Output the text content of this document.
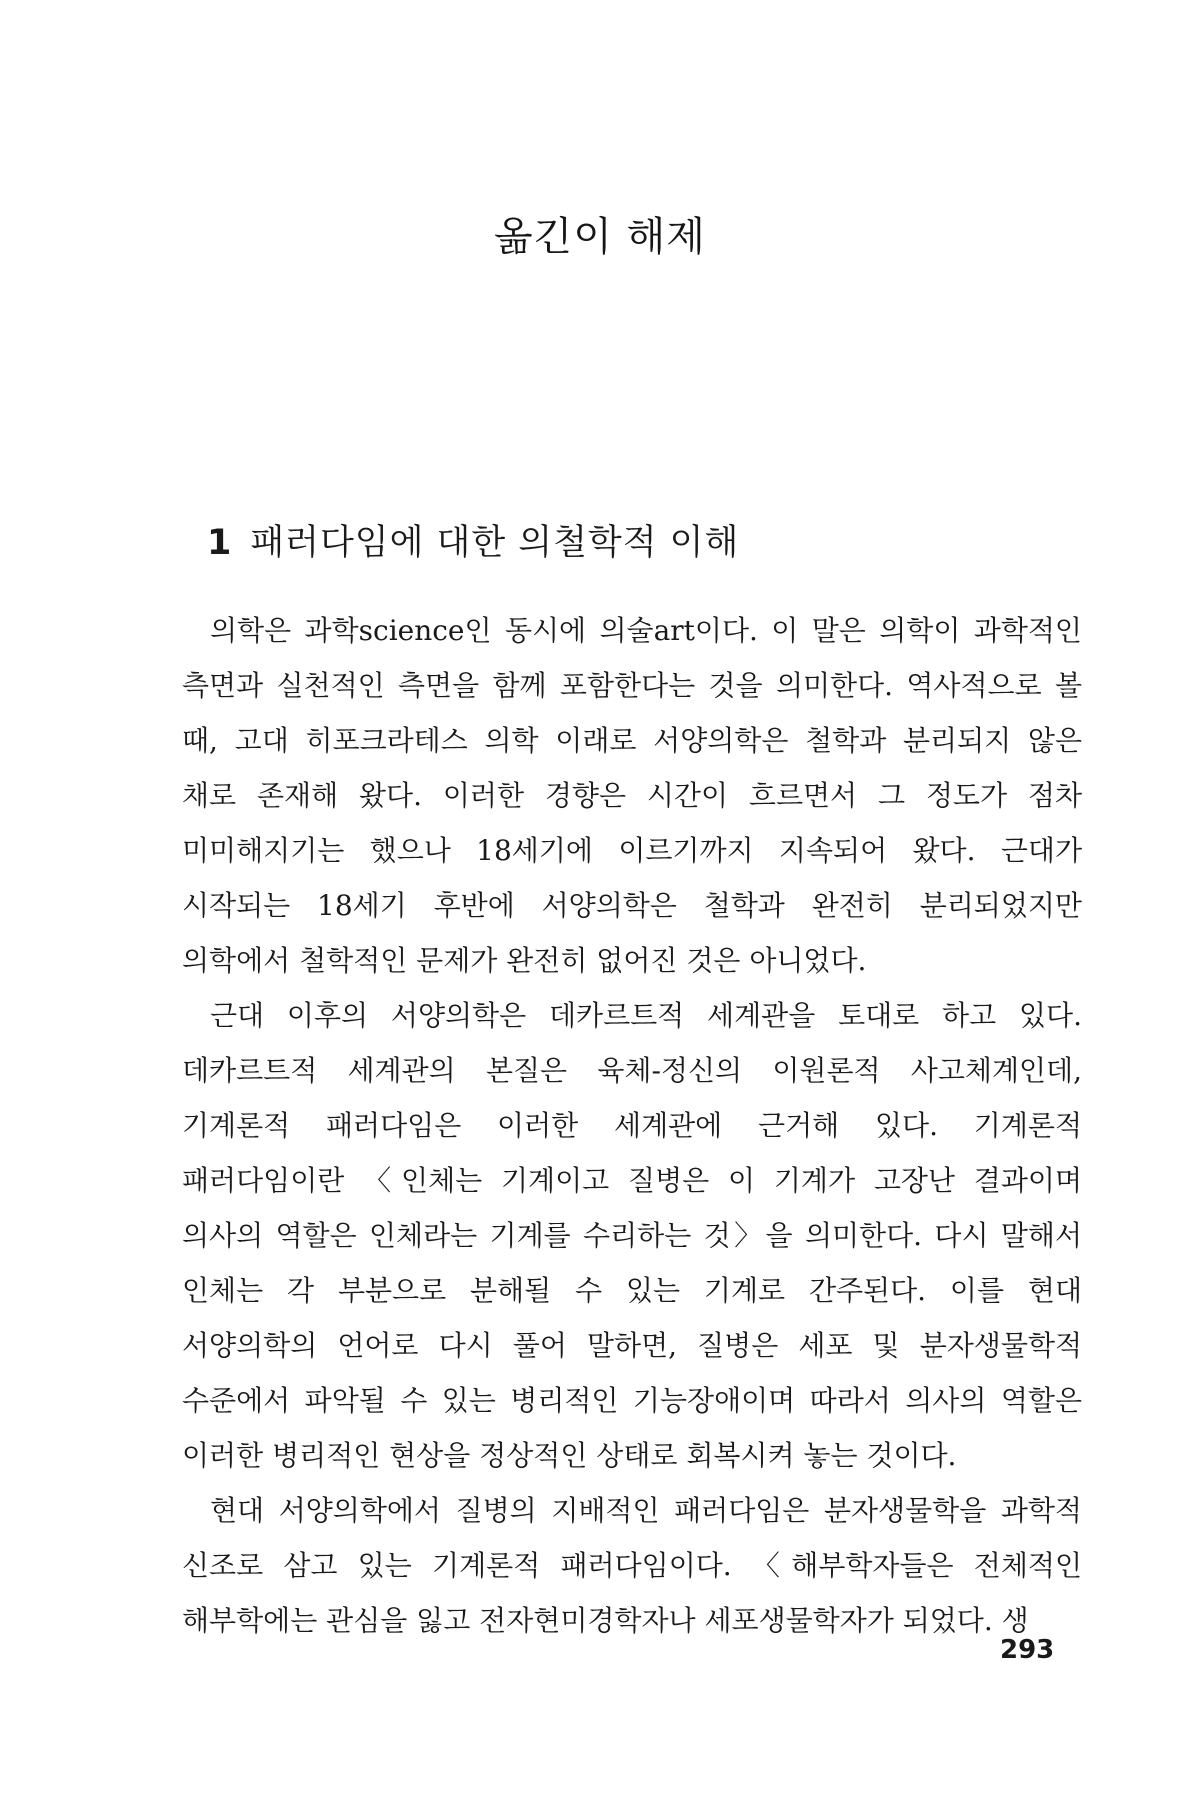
옮긴이 해제
1 패러다임에 대한 의철학적 이해

의학은 과학science인 동시에 의술art이다. 이 말은 의학이 과학적인 측면과 실천적인 측면을 함께 포함한다는 것을 의미한다. 역사적으로 볼 때, 고대 히포크라테스 의학 이래로 서양의학은 철학과 분리되지 않은 채로 존재해 왔다. 이러한 경향은 시간이 흐르면서 그 정도가 점차 미미해지기는 했으나 18세기에 이르기까지 지속되어 왔다. 근대가 시작되는 18세기 후반에 서양의학은 철학과 완전히 분리되었지만 의학에서 철학적인 문제가 완전히 없어진 것은 아니었다.

근대 이후의 서양의학은 데카르트적 세계관을 토대로 하고 있다. 데카르트적 세계관의 본질은 육체-정신의 이원론적 사고체계인데, 기계론적 패러다임은 이러한 세계관에 근거해 있다. 기계론적 패러다임이란 〈인체는 기계이고 질병은 이 기계가 고장난 결과이며 의사의 역할은 인체라는 기계를 수리하는 것〉을 의미한다. 다시 말해서 인체는 각 부분으로 분해될 수 있는 기계로 간주된다. 이를 현대 서양의학의 언어로 다시 풀어 말하면, 질병은 세포 및 분자생물학적 수준에서 파악될 수 있는 병리적인 기능장애이며 따라서 의사의 역할은 이러한 병리적인 현상을 정상적인 상태로 회복시켜 놓는 것이다.

현대 서양의학에서 질병의 지배적인 패러다임은 분자생물학을 과학적 신조로 삼고 있는 기계론적 패러다임이다. 〈해부학자들은 전체적인 해부학에는 관심을 잃고 전자현미경학자나 세포생물학자가 되었다. 생

293
